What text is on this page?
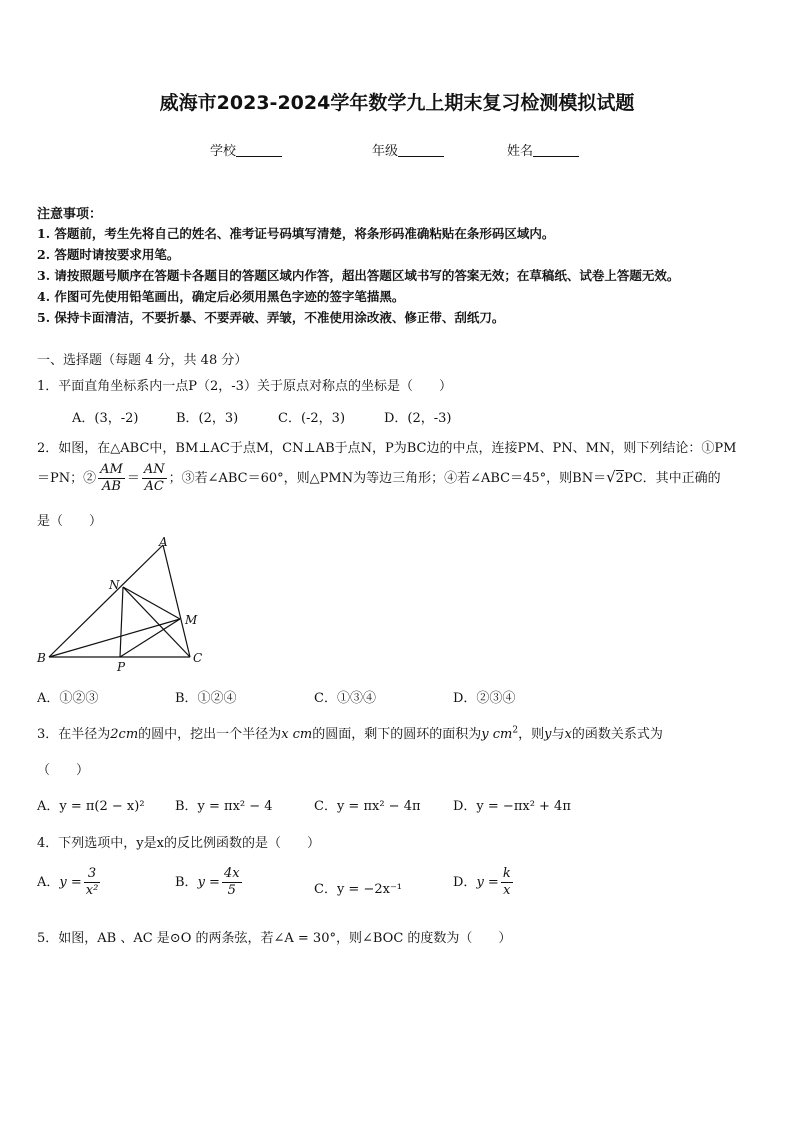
威海市2023-2024学年数学九上期末复习检测模拟试题
学校	年级	姓名
注意事项：
1. 答题前，考生先将自己的姓名、准考证号码填写清楚，将条形码准确粘贴在条形码区域内。
2. 答题时请按要求用笔。
3. 请按照题号顺序在答题卡各题目的答题区域内作答，超出答题区域书写的答案无效；在草稿纸、试卷上答题无效。
4. 作图可先使用铅笔画出，确定后必须用黑色字迹的签字笔描黑。
5. 保持卡面清洁，不要折暴、不要弄破、弄皱，不准使用涂改液、修正带、刮纸刀。
一、选择题（每题 4 分，共 48 分）
1．平面直角坐标系内一点P（2，-3）关于原点对称点的坐标是（　　）
A．(3，-2)	B．(2，3)	C．(-2，3)	D．(2，-3)
2．如图，在△ABC中，BM⊥AC于点M，CN⊥AB于点N，P为BC边的中点，连接PM、PN、MN，则下列结论：①PM
＝PN；② $\frac{AM}{AB} = \frac{AN}{AC}$ ；③若∠ABC＝60°，则△PMN为等边三角形；④若∠ABC＝45°，则BN＝√2PC．其中正确的
是（　　）
A
N
M
B
P
C
A．①②③	B．①②④	C．①③④	D．②③④
3．在半径为2cm的圆中，挖出一个半径为x cm的圆面，剩下的圆环的面积为y $cm^2$，则y与x的函数关系式为
（　　）
A．y = π(2 − x)² B．y = πx² − 4	C．y = πx² − 4π D．y = −πx² + 4π
4．下列选项中，y是x的反比例函数的是（　　）
A．$y = \frac{3}{\text{x²}}$	B．$y = \frac{4x}{5}$	C．y = −2x⁻¹	D．$y = \frac{k}{x}$
5．如图，AB 、AC 是⊙O 的两条弦，若∠A = 30°，则∠BOC 的度数为（　　）
